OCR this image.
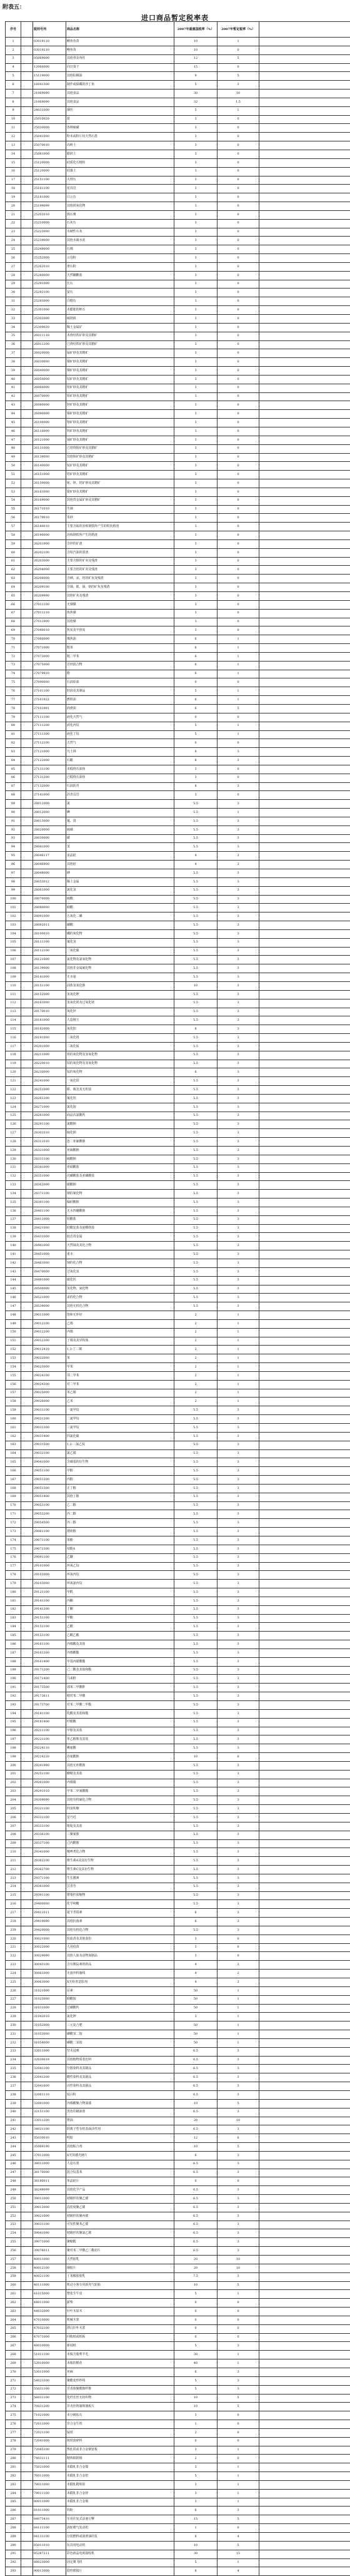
附表五：
进口商品暂定税率表
序号		税则号列	商品名称	2007年最惠国税率（%）	2007年暂定税率（%）	
1		03019110	鳟鱼鱼苗	10	1	
2		03019210	鳗鱼苗	10	0	
3		05069000	其他骨及角柱	12	5	
4		12060000	向日葵子	15	0	
5		15119000	其他棕榈油	9	5	
6		16041300	制作或保藏的沙丁鱼	5	3	
7		21069090	其他食品	30	10	
8		21069090	其他食品	32	1.5	
9		24031000	烟丝	5	1	
10		25010020	盐	3	0	
11		25030000	各种硫磺	3	0	
12		25041000	粉末或粉片状天然石墨	3	0	
13		25070010	高岭土	3	0	
14		25081000	膨润土	3	0	
15		25120000	硅质化石粗粉	3	0	
16		25120000	硅藻土	3	0	
17		25151100	大理石	3	0	
18		25161100	花岗岩	3	0	
19		25181000	白云石	3	0	
20		25199099	其他镁氧化物	3	0	
21		25202010	熟石膏	3	0	
22		25210000	石灰石	3	0	
23		25223000	水硬性石灰	3	0	
24		25239000	其他水凝水泥	3	0	
25		25249000	石棉	3	0	
26		25252000	云母粉	3	0	
27		25262010	滑石粉	3	0	
28		25280000	天然硼酸盐	3	0	
29		25291000	长石	3	0	
30		25292100	萤石	3	0	
31		25293000	白榴石	3	0	
32		25301000	未膨胀的蛭石	3	0	
33		25302000	硫镁矾	3	0	
34		25309020	稀土金属矿	3	0	
35		26011110	未烧结铁矿砂及其精矿	3	0	
36		26011200	已烧结铁矿砂及其精矿	3	0	
37		26020000	锰矿砂及其精矿	3	0	
38		26030000	铜矿砂及其精矿	3	0	
39		26040000	镍矿砂及其精矿	3	0	
40		26050000	钴矿砂及其精矿	3	0	
41		26060000	铝矿砂及其精矿	3	0	
42		26070000	铅矿砂及其精矿	3	0	
43		26080000	锌矿砂及其精矿	3	0	
44		26090000	锡矿砂及其精矿	3	0	
45		26100000	铬矿砂及其精矿	3	0	
46		26110000	钨矿砂及其精矿	3	0	
47		26121000	铀矿砂及其精矿	3	0	
48		26131000	已焙烧钼矿砂及其精矿	3	0	
49		26139000	其他钼矿砂及其精矿	3	0	
50		26140000	钛矿砂及其精矿	3	0	
51		26151000	锆矿砂及其精矿	3	0	
52		26159000	铌、钽、钒矿砂及其精矿	3	0	
53		26161000	银矿砂及其精矿	3	0	
54		26169000	其他贵金属矿砂及其精矿	3	0	
55		26171010	生锑	3	0	
56		26179010	朱砂	3	0	
57		26180010	主要含锰的冶炼钢铁所产生的粒状熔渣	3	0	
58		26190000	冶炼钢铁所产生的熔渣	3	0	
59		26201900	含锌的矿渣	3	0	
60		26202100	含铅汽油的淤渣	3	0	
61		26203000	主要含铜的矿灰及残渣	3	0	
62		26204000	主要含铝的矿灰及残渣	3	0	
63		26206000	含砷、汞、铊的矿灰及残渣	3	0	
64		26209100	含锑、铍、镉、铬的矿灰及残渣	3	0	
65		26209990	其他矿灰及残渣	3	0	
66		27011100	无烟煤	3	0	
67		27011210	炼焦煤	3	0	
68		27011900	其他煤	3	0	
69		27040010	焦炭及半焦炭	3	0	
70		27060000	煤焦油	6	1	
71		27071000	粗苯	6	1	
72		27073000	粗二甲苯	6	1	
73		27075000	芳烃混合物	6	1	
74		27079910	酚	6	1	
75		27090000	石油原油	0	0	
76		27101100	轻油及其制品	5	1	
77		27101922	燃料油	6	1	
78		27101991	润滑油	6	5	
79		27111100	液化天然气	0	0	
80		27111200	液化丙烷	5	1	
81		27111300	液化丁烷	5	1	
82		27112100	天然气	0	0	
83		27121000	凡士林	8	3	
84		27122000	石蜡	8	3	
85		27131100	未煅烧石油焦	3	0	
86		27131200	已煅烧石油焦	3	0	
87		27132000	石油沥青	8	3	
88		27141000	沥青页岩	3	0	
89		28011000	氯	5.5	3	
90		28012000	碘	5.5	1	
91		28013000	氟、溴	5.5	3	
92		28020000	硫磺	5.5	3	
93		28030000	碳	5.5	3	
94		28041000	氢	5.5	3	
95		28046117	多晶硅	4	2	
96		28046900	其他硅	4	2	
97		28048000	砷	5.5	3	
98		28053012	稀土金属	5.5	3	
99		28061000	氯化氢	5.5	3	
100		28070000	硫酸	5.5	3	
101		28080000	硝酸	5.5	3	
102		28091000	五氧化二磷	5.5	3	
103		28092011	磷酸	5.5	3	
104		28100010	硼的氧化物	5.5	3	
105		28111100	氟化氢	5.5	3	
106		28112100	二氧化碳	5.5	3	
107		28121000	氯化物及氯氧化物	5.5	3	
108		28139000	其他非金属硫化物	5.5	3	
109		28141000	无水氨	5.5	3	
110		28151100	固体氢氧化钠	10	3	
111		28152000	氢氧化钾	5.5	3	
112		28161000	氢氧化镁及过氧化镁	5.5	3	
113		28170010	氧化锌	5.5	3	
114		28181000	人造刚玉	5.5	3	
115		28182000	氧化铝	8	3	
116		28191000	三氧化铬	5.5	3	
117		28201000	二氧化锰	5.5	3	
118		28211000	铁的氧化物及氢氧化物	5.5	3	
119		28220010	钴的氧化物及氢氧化物	5.5	3	
120		28230000	钛的氧化物	6	3	
121		28241000	一氧化铅	5.5	3	
122		28251000	肼、胲及其无机盐	5.5	3	
123		28261200	氟化铝	5.5	3	
124		28271000	氯化铵	5.5	3	
125		28281000	商品次氯酸钙	5.5	3	
126		28291100	氯酸钠	5.5	3	
127		28301010	硫化钠	5.5	3	
128		28311010	连二亚硫酸钠	5.5	3	
129		28321000	亚硫酸钠	5.5	3	
130		28331100	硫酸钠	5.5	3	
131		28341000	亚硝酸盐	5.5	3	
132		28351000	次磷酸盐及亚磷酸盐	5.5	3	
133		28362000	碳酸钠	5.5	3	
134		28371100	钠的氰化物	5.5	3	
135		28391100	偏硅酸钠	5.5	3	
136		28401100	无水四硼酸钠	5.5	3	
137		28411000	铝酸盐	5.5	3	
138		28421000	硅酸复盐及硅酸络盐	5.5	3	
139		28431000	胶态贵金属	5.5	3	
140		28441000	天然铀及其化合物	5.5	3	
141		28451000	重水	5.5	3	
142		28461000	铈的化合物	5.5	3	
143		28470000	过氧化氢	5.5	3	
144		28491000	碳化钙	5.5	3	
145		28500000	氢化物、氮化物	5.5	3	
146		28521000	汞的化合物	5.5	3	
147		28539000	其他无机化合物	5.5	3	
148		29011000	饱和无环烃	2	1	
149		29012100	乙烯	2	1	
150		29012200	丙烯	2	1	
151		29012300	丁烯及其异构体	2	1	
152		29012410	1,3-丁二烯	2	1	
153		29022000	苯	2	1	
154		29023000	甲苯	2	1	
155		29024100	邻二甲苯	2	1	
156		29024300	对二甲苯	2	1	
157		29025000	苯乙烯	2	1	
158		29026000	乙苯	2	1	
159		29031100	一氯甲烷	5.5	3	
160		29031200	二氯甲烷	5.5	3	
161		29031300	三氯甲烷	5.5	3	
162		29031400	四氯化碳	5.5	3	
163		29031500	1,2-二氯乙烷	5.5	3	
164		29032100	氯乙烯	5.5	3	
165		29041000	含磺基的衍生物	5.5	3	
166		29051100	甲醇	5.5	3	
167		29051200	丙醇	5.5	3	
168		29051300	正丁醇	5.5	3	
169		29051400	其他丁醇	5.5	3	
170		29053100	乙二醇	5.5	3	
171		29053200	丙二醇	5.5	3	
172		29054500	丙三醇	5.5	3	
173		29061100	薄荷醇	5.5	3	
174		29071100	苯酚	5.5	3	
175		29072300	双酚A	5.5	3	
176		29091100	乙醚	5.5	3	
177		29101000	环氧乙烷	5.5	3	
178		29102000	环氧丙烷	5.5	3	
179		29103000	环氧氯丙烷	5.5	3	
180		29121100	甲醛	5.5	3	
181		29141100	丙酮	5.5	3	
182		29141200	丁酮	5.5	3	
183		29151100	甲酸	5.5	3	
184		29152100	乙酸	5.5	3	
185		29153100	乙酸乙酯	5.5	3	
186		29161100	丙烯酸及其盐	5.5	3	
187		29161200	丙烯酸酯	5.5	3	
188		29161400	甲基丙烯酸酯	5.5	3	
189		29171200	己二酸及其盐和酯	5.5	3	
190		29171400	马来酐	5.5	3	
191		29173500	邻苯二甲酸酐	5.5	3	
192		29173611	精对苯二甲酸	5.5	3	
193		29173700	对苯二甲酸二甲酯	5.5	3	
194		29181100	乳酸及其盐和酯	5.5	3	
195		29181400	柠檬酸	5.5	3	
196		29211100	甲胺及其盐	5.5	3	
197		29221100	单乙醇胺及其盐	5.5	3	
198		29224110	赖氨酸	5.5	3	
199		29224220	谷氨酸钠	10	6	
200		29241990	其他无环酰胺	5.5	3	
201		29251100	糖精及其盐	5.5	3	
202		29261000	丙烯腈	5.5	3	
203		29291010	甲苯二异氰酸酯	5.5	3	
204		29309090	其他有机硫化合物	5.5	3	
205		29321100	四氢呋喃	5.5	3	
206		29331100	安乃近	5.5	3	
207		29333100	吡啶及其盐	5.5	3	
208		29336100	三聚氰胺	5.5	3	
209		29337100	己内酰胺	5.5	3	
210		29341000	噻唑类化合物	5.5	3	
211		29362100	维生素A及其衍生物	5.5	3	
212		29362700	维生素C及其衍生物	5.5	3	
213		29371100	生长激素	5.5	3	
214		29381000	芸香苷	5.5	3	
215		29391100	罂粟杆浓缩物	5.5	3	
216		29400000	化学纯糖	5.5	3	
217		29411011	氨苄青霉素	6	3	
218		29419090	其他抗菌素	6	3	
219		29420000	其他有机化合物	5.5	3	
220		30021000	抗血清及其他血份	3	0	
221		30022000	人用疫苗	3	0	
222		30029090	其他人血及动物血制品	3	0	
223		30043100	含有胰岛素的药品	4	2	
224		30061000	无菌外科肠线	4	2	
225		30063000	X光检查造影剂	4	2	
226		31021000	尿素	50	1	
227		31023000	硝酸铵	50	1	
228		31031000	过磷酸钙	50	1	
229		31042010	氯化钾	3	1	
230		31052000	三元复合肥	50	1	
231		31053000	磷酸氢二铵	50	1	
232		31054000	磷酸二氢铵	50	1	
233		32011000	坚木浸膏	6.5	3	
234		32030019	其他植物质着色料	6.5	3	
235		32041100	分散染料及其制品	6.5	3	
236		32041200	酸性染料及其制品	6.5	3	
237		32041600	活性染料及其制品	6.5	3	
238		32061110	钛白粉	6.5	3	
239		32091000	丙烯酸聚合物油漆	10	5	
240		32151100	黑色印刷油墨	6.5	3	
241		33011200	橙油	20	10	
242		34021100	阴离子型有机表面活性剂	6.5	3	
243		35030010	明胶	12	6	
244		35069190	其他粘合剂	10	5	
245		37011000	X光用感光硬片	6	3	
246		38011000	人造石墨	6.5	3	
247		38170000	混合烷基苯	6.5	3	
248		38180011	单晶硅片	0	0	
249		38249099	其他化学产品	6.5	3	
250		39011000	初级形状聚乙烯	6.5	3	
251		39012000	高密度聚乙烯	6.5	3	
252		39021000	初级形状聚丙烯	6.5	3	
253		39031100	可发性聚苯乙烯	6.5	3	
254		39041090	初级形状聚氯乙烯	6.5	3	
255		39071000	聚缩醛	6.5	3	
256		39076011	聚对苯二甲酸乙二酯切片	6.5	3	
257		40011000	天然胶乳	20	10	
258		40012100	烟胶片	20	10	
259		40021100	丁苯橡胶胶乳	7.5	3	
260		40111000	机动小客车用新充气轮胎	10	5	
261		41015000	整张生牛皮	5	1	
262		44011000	薪柴	0	0	
263		44032000	针叶木原木	0	0	
264		47010000	机械木浆	0	0	
265		47032100	漂白针叶木浆	0	0	
266		47071000	回收纸或纸板	0	0	
267		48010000	新闻纸	5	3	
268		51011100	未梳含脂剪羊毛	38	1	
269		52010000	未梳的棉花	40	1	
270		53011000	亚麻	6	3	
271		54023300	聚酯变形纱线	5	3	
272		55031100	芳香族聚酰胺纤维	5	3	
273		56031100	化纤长丝无纺织物	10	5	
274		70031200	非夹丝铸制玻璃板片	10	5	
275		71021000	未分级钻石	3	0	
276		72011000	非合金生铁	1	0	
277		72021100	锰铁	2	0	
278		72041000	铸铁废碎料	0	0	
279		72085100	热轧铁或非合金钢宽板	3	1	
280		74031111	精炼铜阴极	2	0	
281		75021000	未锻轧非合金镍	3	1	
282		76011000	未锻轧非合金铝	5	1	
283		78011000	未锻轧精炼铅	3	1	
284		79011100	未锻轧非合金锌	3	1	
285		80011000	未锻轧非合金锡	3	1	
286		81011000	钨粉	6	3	
287		84073410	车用往复式活塞引擎	15	5	
288		84111100	涡轮喷气发动机	1	0	
289		84131100	分装燃料或润滑油的泵	8	4	
290		85011010	玩具用电动机	10	5	
291		85287211	彩色液晶电视接收机	30	15	
292		88023000	固定翼飞机	5	1	
293		90013000	隐形眼镜片	8	4	
